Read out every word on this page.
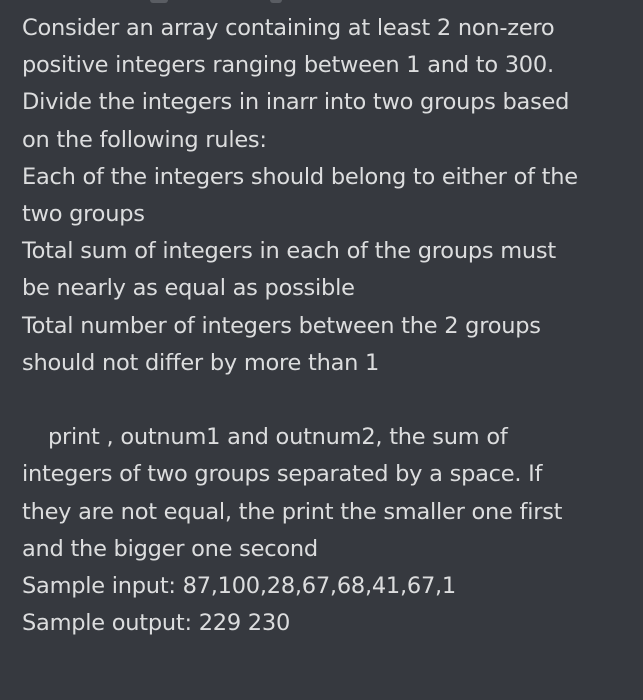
Consider an array containing at least 2 non-zero
positive integers ranging between 1 and to 300.
Divide the integers in inarr into two groups based
on the following rules:
Each of the integers should belong to either of the
two groups
Total sum of integers in each of the groups must
be nearly as equal as possible
Total number of integers between the 2 groups
should not differ by more than 1
print , outnum1 and outnum2, the sum of
integers of two groups separated by a space. If
they are not equal, the print the smaller one first
and the bigger one second
Sample input: 87,100,28,67,68,41,67,1
Sample output: 229 230
